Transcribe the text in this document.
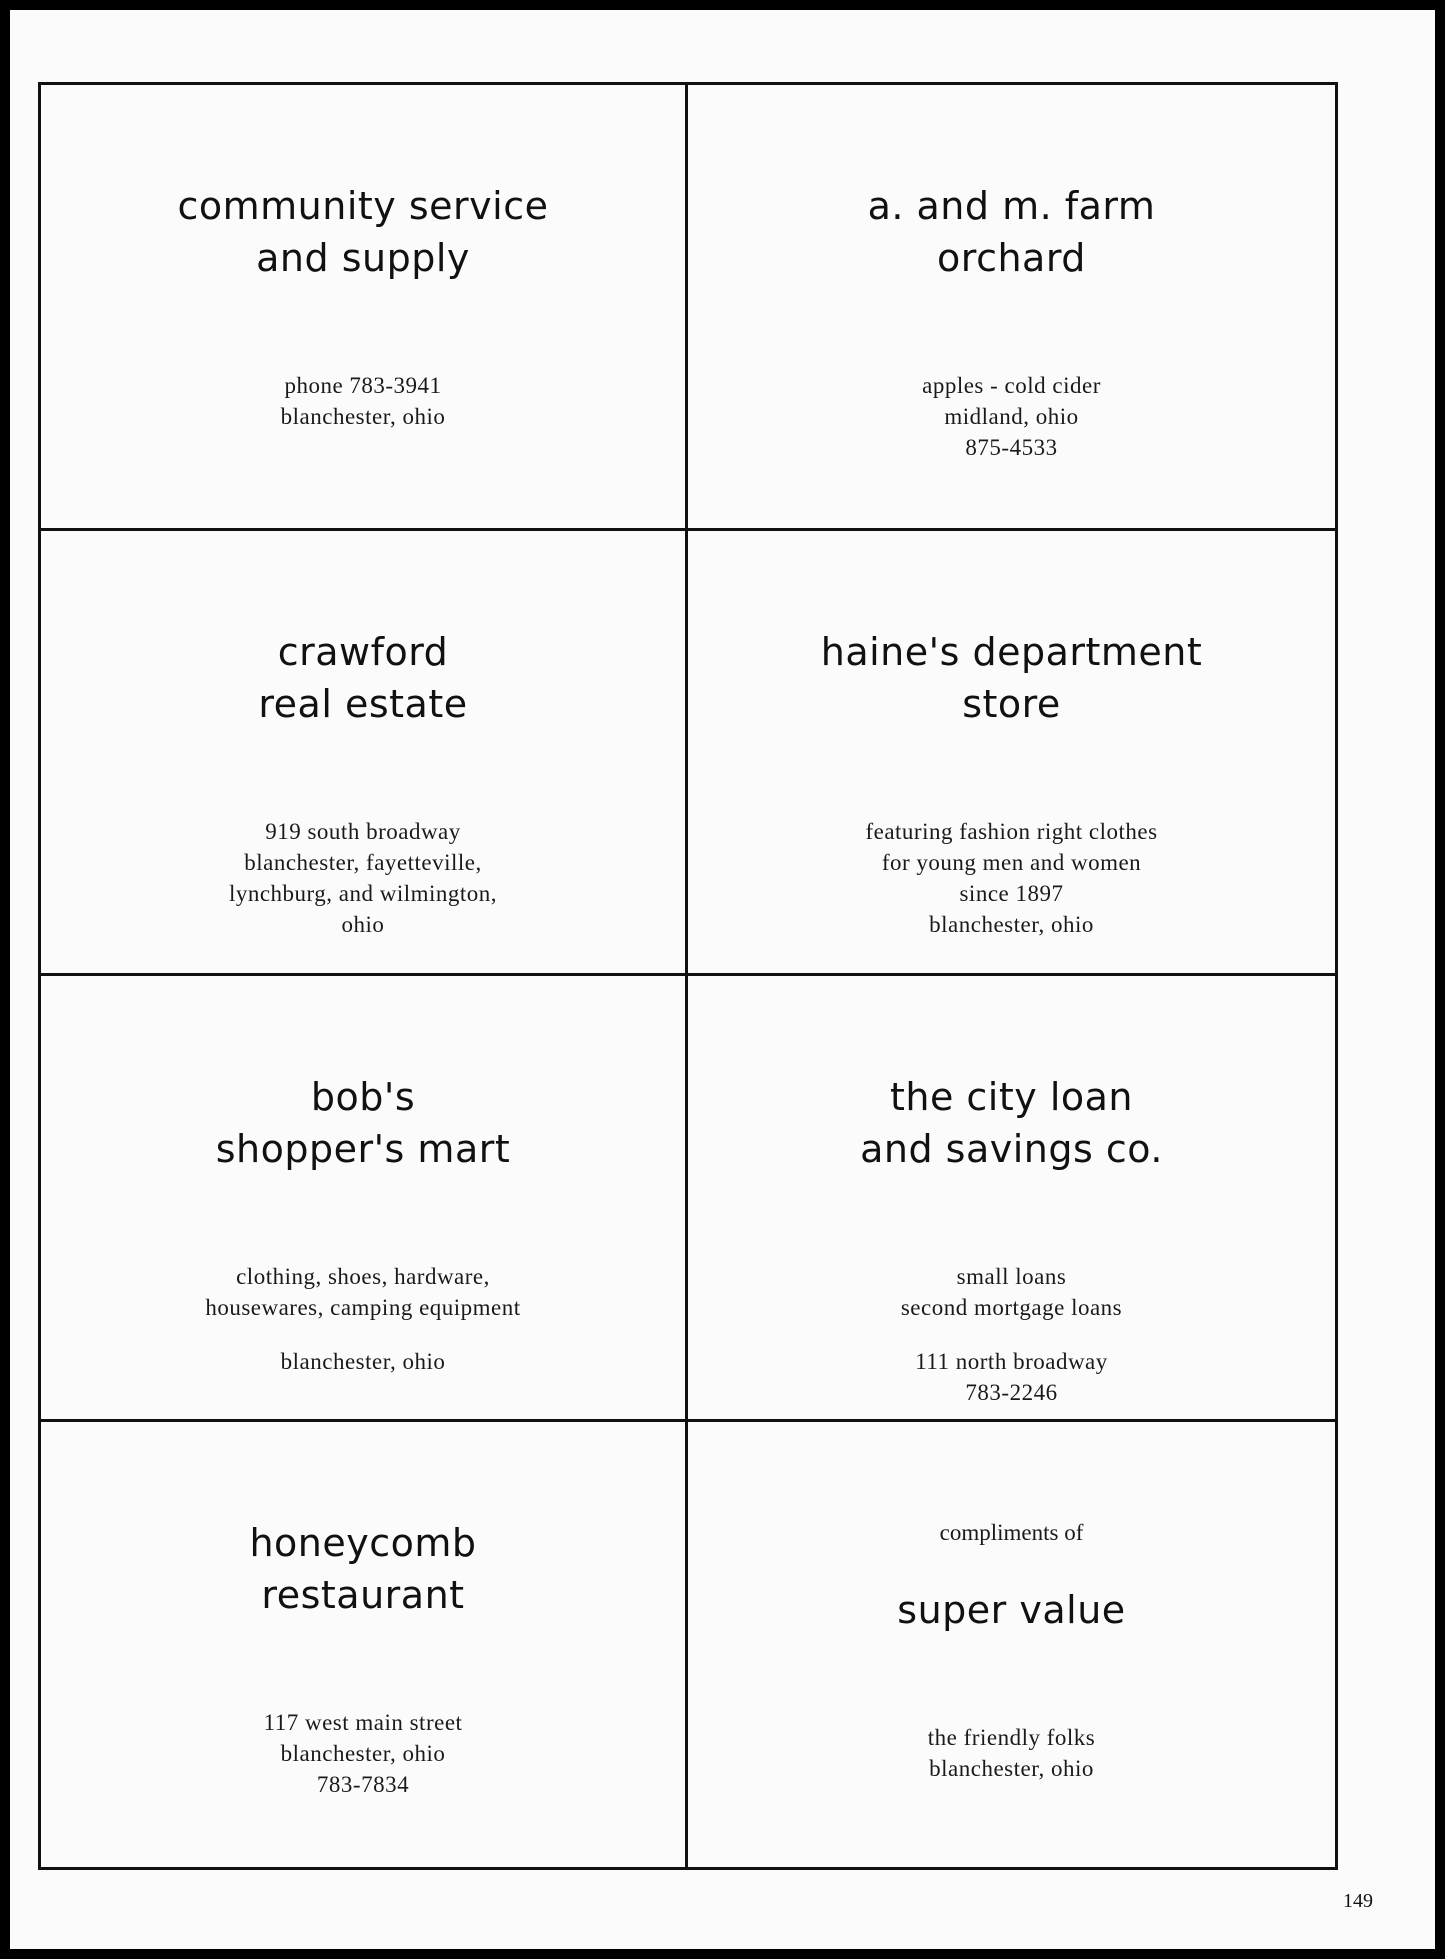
community service
and supply
phone 783-3941
blanchester, ohio
a. and m. farm
orchard
apples - cold cider
midland, ohio
875-4533
crawford
real estate
919 south broadway
blanchester, fayetteville,
lynchburg, and wilmington,
ohio
haine's department
store
featuring fashion right clothes
for young men and women
since 1897
blanchester, ohio
bob's
shopper's mart
clothing, shoes, hardware,
housewares, camping equipment
blanchester, ohio
the city loan
and savings co.
small loans
second mortgage loans
111 north broadway
783-2246
honeycomb
restaurant
117 west main street
blanchester, ohio
783-7834
compliments of
super value
the friendly folks
blanchester, ohio
149
